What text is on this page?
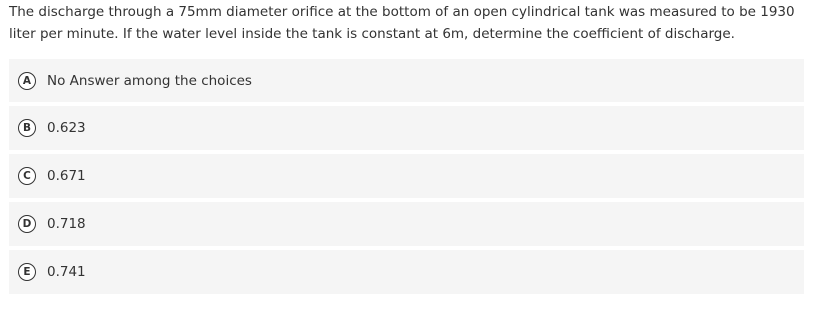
The discharge through a 75mm diameter orifice at the bottom of an open cylindrical tank was measured to be 1930 liter per minute. If the water level inside the tank is constant at 6m, determine the coefficient of discharge.
A	No Answer among the choices
B	0.623
C	0.671
D	0.718
E	0.741
